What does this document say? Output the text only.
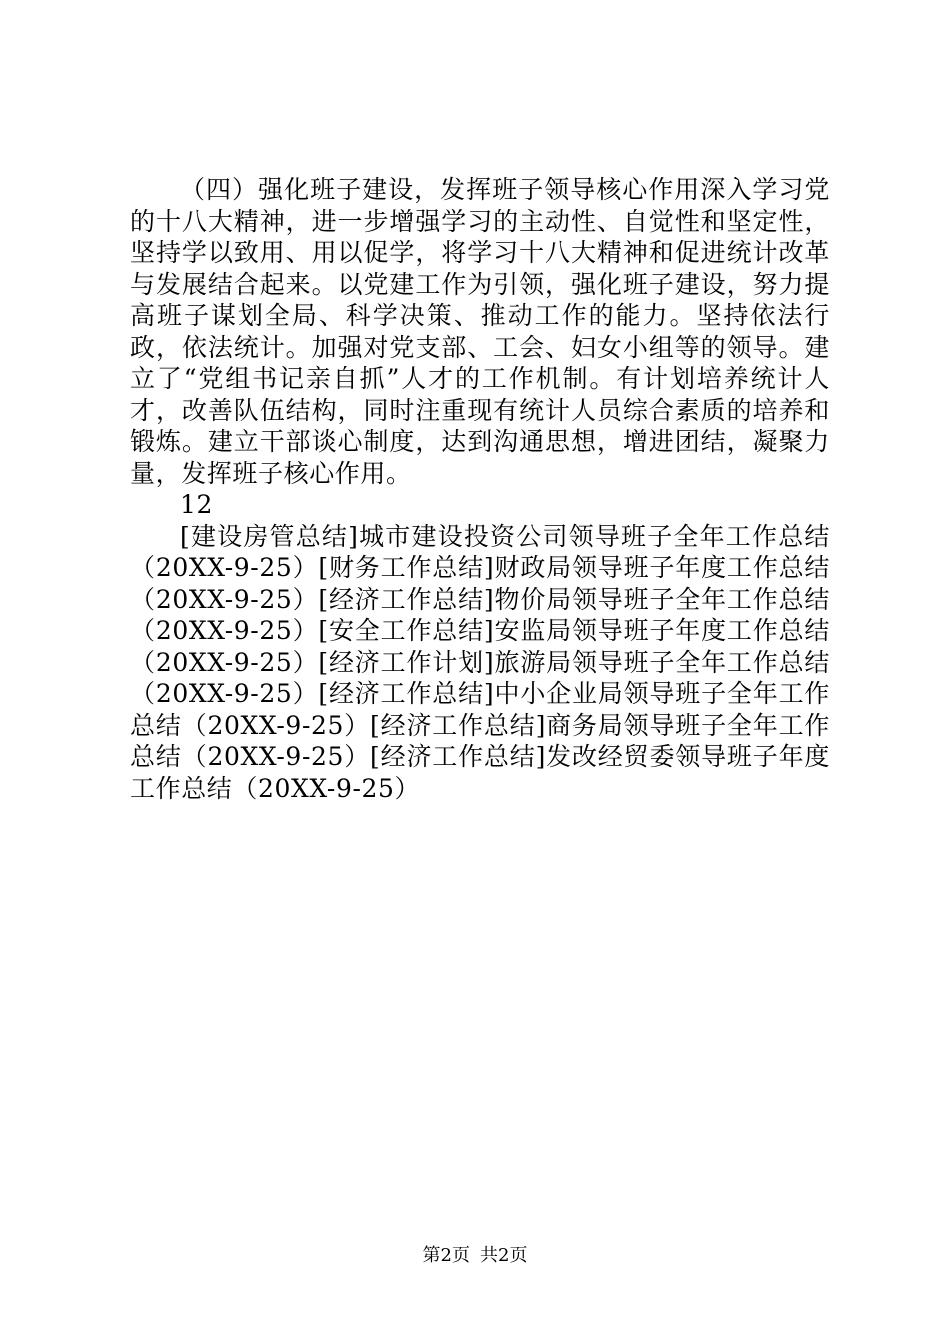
（四）强化班子建设，发挥班子领导核心作用深入学习党的十八大精神，进一步增强学习的主动性、自觉性和坚定性，坚持学以致用、用以促学，将学习十八大精神和促进统计改革与发展结合起来。以党建工作为引领，强化班子建设，努力提高班子谋划全局、科学决策、推动工作的能力。坚持依法行政，依法统计。加强对党支部、工会、妇女小组等的领导。建立了“党组书记亲自抓”人才的工作机制。有计划培养统计人才，改善队伍结构，同时注重现有统计人员综合素质的培养和锻炼。建立干部谈心制度，达到沟通思想，增进团结，凝聚力量，发挥班子核心作用。

12

[建设房管总结]城市建设投资公司领导班子全年工作总结（20XX-9-25）[财务工作总结]财政局领导班子年度工作总结（20XX-9-25）[经济工作总结]物价局领导班子全年工作总结（20XX-9-25）[安全工作总结]安监局领导班子年度工作总结（20XX-9-25）[经济工作计划]旅游局领导班子全年工作总结（20XX-9-25）[经济工作总结]中小企业局领导班子全年工作总结（20XX-9-25）[经济工作总结]商务局领导班子全年工作总结（20XX-9-25）[经济工作总结]发改经贸委领导班子年度工作总结（20XX-9-25）

第2页 共2页
